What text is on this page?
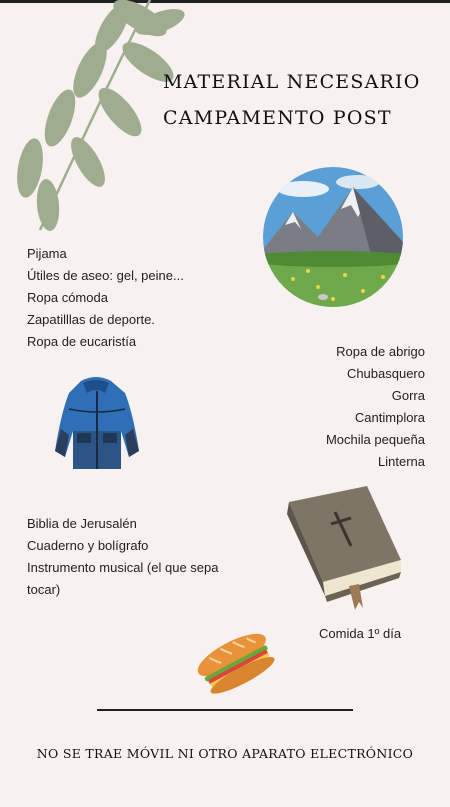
MATERIAL NECESARIO
CAMPAMENTO POST
Pijama
Útiles de aseo: gel, peine...
Ropa cómoda
Zapatilllas de deporte.
Ropa de eucaristía
Ropa de abrigo
Chubasquero
Gorra
Cantimplora
Mochila pequeña
Linterna
Biblia de Jerusalén
Cuaderno y bolígrafo
Instrumento musical (el que sepa
tocar)
Comida 1º día
NO SE TRAE MÓVIL NI OTRO APARATO ELECTRÓNICO
